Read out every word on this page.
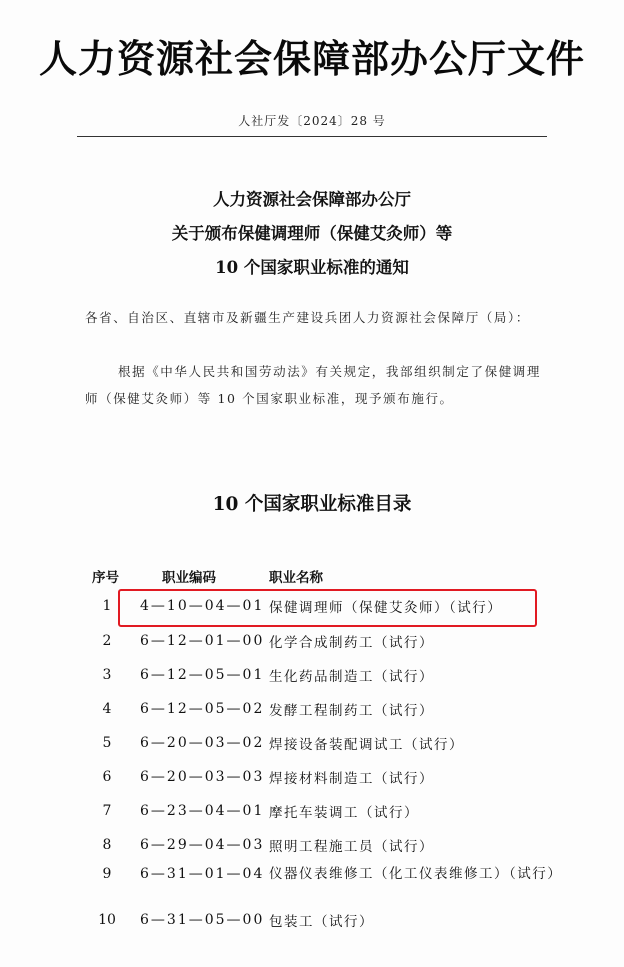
人力资源社会保障部办公厅文件
人社厅发〔2024〕28 号
人力资源社会保障部办公厅
关于颁布保健调理师（保健艾灸师）等
10 个国家职业标准的通知
各省、自治区、直辖市及新疆生产建设兵团人力资源社会保障厅（局）：
根据《中华人民共和国劳动法》有关规定，我部组织制定了保健调理师（保健艾灸师）等 10 个国家职业标准，现予颁布施行。
10 个国家职业标准目录
序号	职业编码	职业名称
1	4—10—04—01 保健调理师（保健艾灸师）（试行）
2	6—12—01—00 化学合成制药工（试行）
3	6—12—05—01 生化药品制造工（试行）
4	6—12—05—02 发酵工程制药工（试行）
5	6—20—03—02 焊接设备装配调试工（试行）
6	6—20—03—03 焊接材料制造工（试行）
7	6—23—04—01 摩托车装调工（试行）
8	6—29—04—03 照明工程施工员（试行）
9	6—31—01—04 仪器仪表维修工（化工仪表维修工）（试行）
10	6—31—05—00 包装工（试行）
